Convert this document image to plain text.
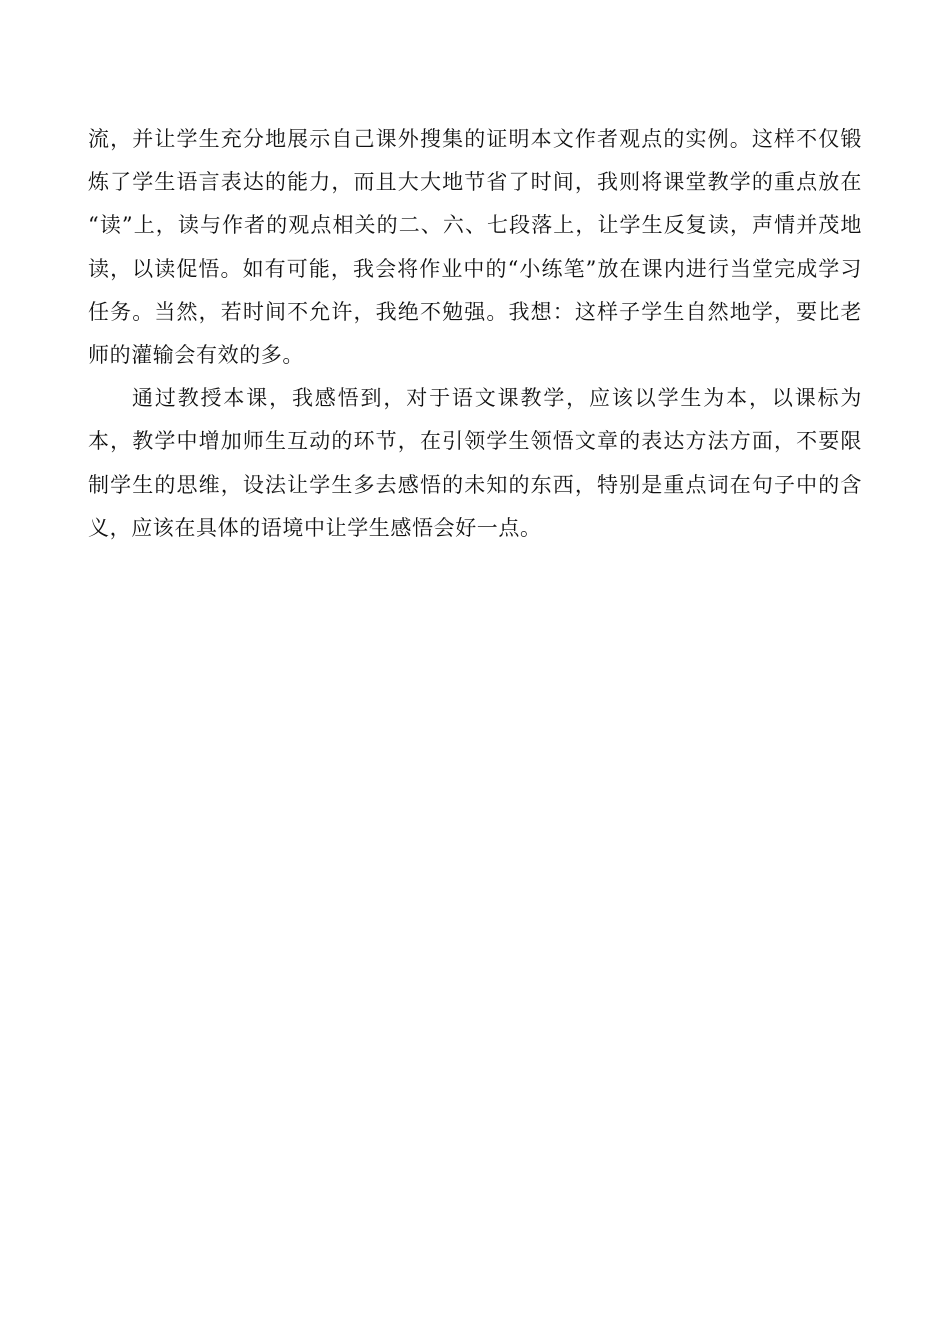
流，并让学生充分地展示自己课外搜集的证明本文作者观点的实例。这样不仅锻炼了学生语言表达的能力，而且大大地节省了时间，我则将课堂教学的重点放在 “读”上，读与作者的观点相关的二、六、七段落上，让学生反复读，声情并茂地读，以读促悟。如有可能，我会将作业中的“小练笔”放在课内进行当堂完成学习任务。当然，若时间不允许，我绝不勉强。我想：这样子学生自然地学，要比老师的灌输会有效的多。

通过教授本课，我感悟到，对于语文课教学，应该以学生为本，以课标为本，教学中增加师生互动的环节，在引领学生领悟文章的表达方法方面，不要限制学生的思维，设法让学生多去感悟的未知的东西，特别是重点词在句子中的含义，应该在具体的语境中让学生感悟会好一点。
